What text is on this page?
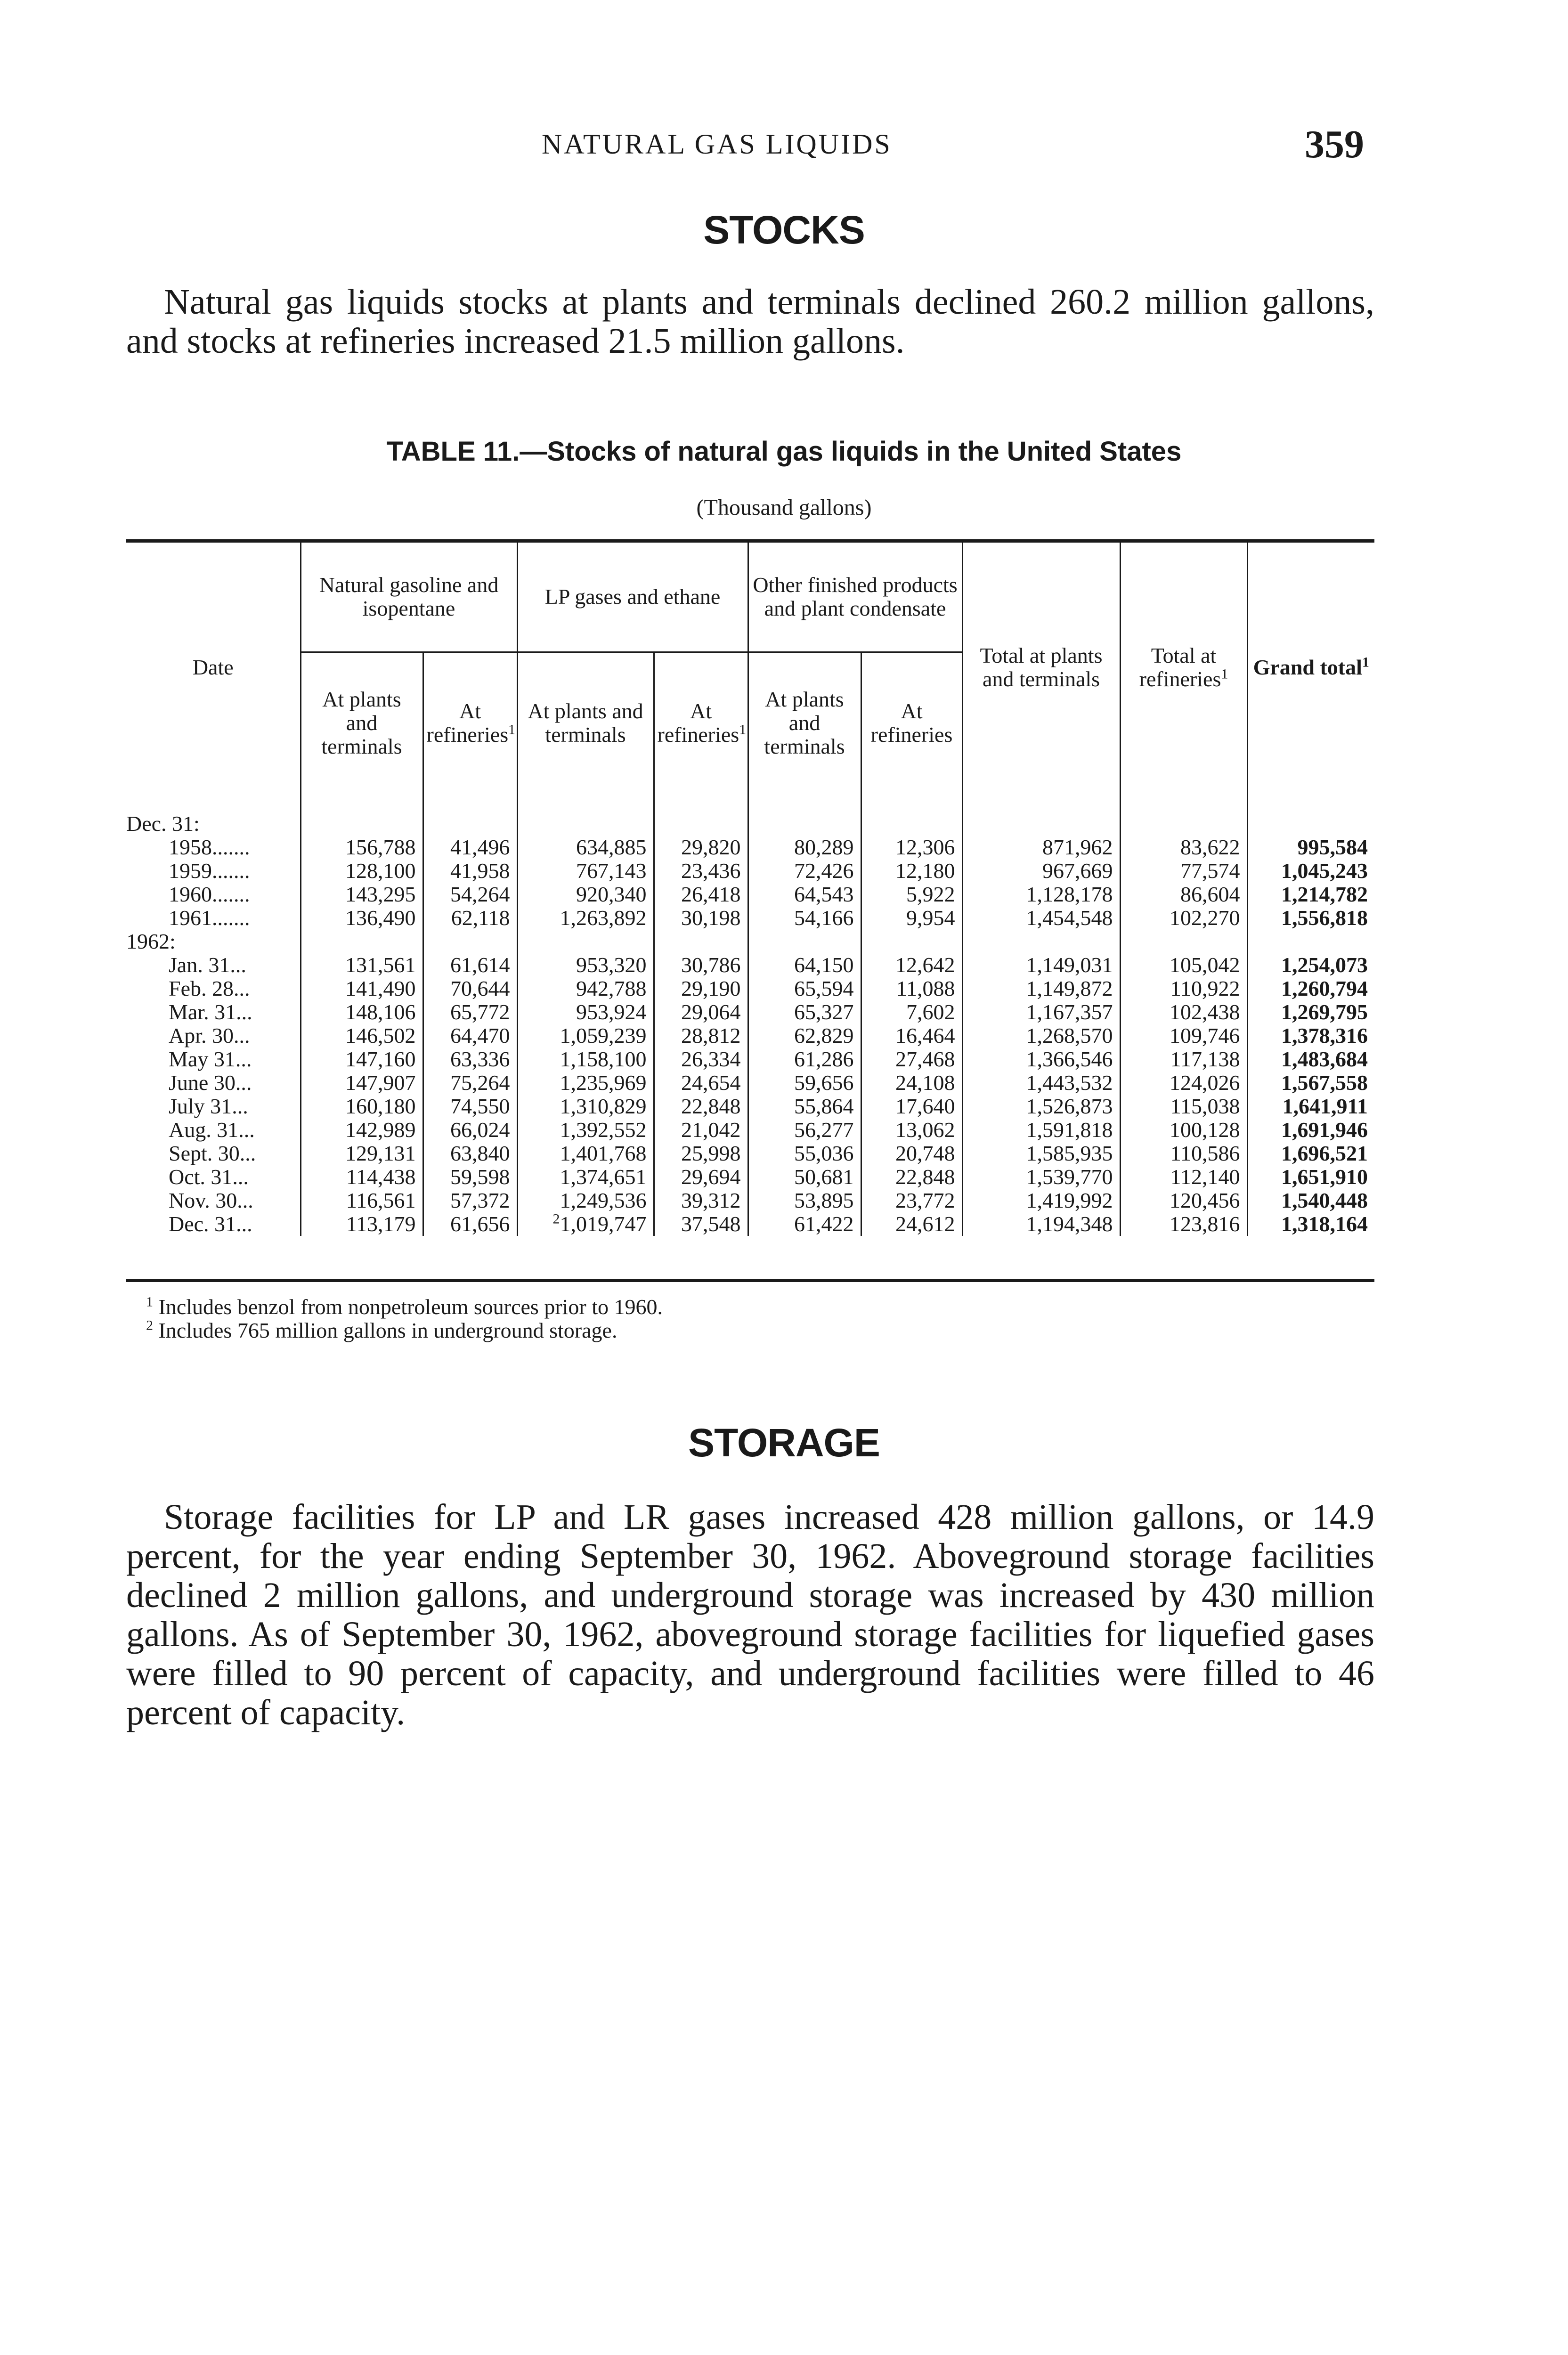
NATURAL GAS LIQUIDS	359
STOCKS

Natural gas liquids stocks at plants and terminals declined 260.2 million gallons, and stocks at refineries increased 21.5 million gallons.

TABLE 11.—Stocks of natural gas liquids in the United States
(Thousand gallons)
Date	Natural gasoline and isopentane		LP gases and ethane		Other finished products and plant condensate		Total at plants and terminals	Total at refineries$^1$	Grand total$^1$
	At plants and terminals	At refineries$^1$	At plants and terminals	At refineries$^1$	At plants and terminals	At refineries			
Dec. 31:									
1958.......	156,788	41,496	634,885	29,820	80,289	12,306	871,962	83,622	995,584
1959.......	128,100	41,958	767,143	23,436	72,426	12,180	967,669	77,574	1,045,243
1960.......	143,295	54,264	920,340	26,418	64,543	5,922	1,128,178	86,604	1,214,782
1961.......	136,490	62,118	1,263,892	30,198	54,166	9,954	1,454,548	102,270	1,556,818
1962:									
Jan. 31...	131,561	61,614	953,320	30,786	64,150	12,642	1,149,031	105,042	1,254,073
Feb. 28...	141,490	70,644	942,788	29,190	65,594	11,088	1,149,872	110,922	1,260,794
Mar. 31...	148,106	65,772	953,924	29,064	65,327	7,602	1,167,357	102,438	1,269,795
Apr. 30...	146,502	64,470	1,059,239	28,812	62,829	16,464	1,268,570	109,746	1,378,316
May 31...	147,160	63,336	1,158,100	26,334	61,286	27,468	1,366,546	117,138	1,483,684
June 30...	147,907	75,264	1,235,969	24,654	59,656	24,108	1,443,532	124,026	1,567,558
July 31...	160,180	74,550	1,310,829	22,848	55,864	17,640	1,526,873	115,038	1,641,911
Aug. 31...	142,989	66,024	1,392,552	21,042	56,277	13,062	1,591,818	100,128	1,691,946
Sept. 30...	129,131	63,840	1,401,768	25,998	55,036	20,748	1,585,935	110,586	1,696,521
Oct. 31...	114,438	59,598	1,374,651	29,694	50,681	22,848	1,539,770	112,140	1,651,910
Nov. 30...	116,561	57,372	1,249,536	39,312	53,895	23,772	1,419,992	120,456	1,540,448
Dec. 31...	113,179	61,656	$^2$1,019,747	37,548	61,422	24,612	1,194,348	123,816	1,318,164
$^1$ Includes benzol from nonpetroleum sources prior to 1960.
$^2$ Includes 765 million gallons in underground storage.
STORAGE

Storage facilities for LP and LR gases increased 428 million gallons, or 14.9 percent, for the year ending September 30, 1962. Aboveground storage facilities declined 2 million gallons, and underground storage was increased by 430 million gallons. As of September 30, 1962, aboveground storage facilities for liquefied gases were filled to 90 percent of capacity, and underground facilities were filled to 46 percent of capacity.
